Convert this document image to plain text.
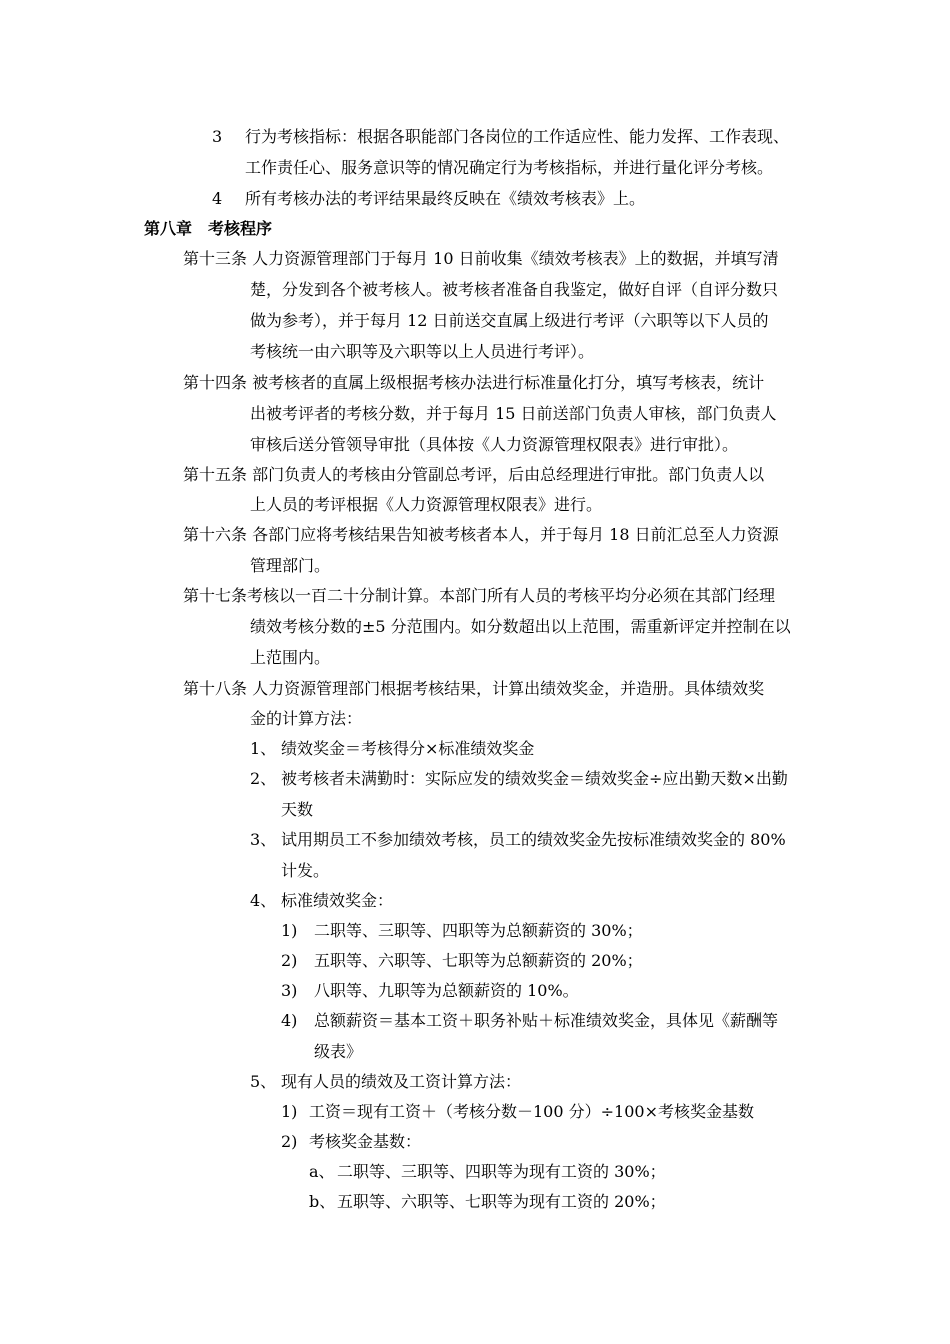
3 行为考核指标：根据各职能部门各岗位的工作适应性、能力发挥、工作表现、
工作责任心、服务意识等的情况确定行为考核指标，并进行量化评分考核。
4 所有考核办法的考评结果最终反映在《绩效考核表》上。
第八章　考核程序
第十三条 人力资源管理部门于每月 10 日前收集《绩效考核表》上的数据，并填写清
楚，分发到各个被考核人。被考核者准备自我鉴定，做好自评（自评分数只
做为参考），并于每月 12 日前送交直属上级进行考评（六职等以下人员的
考核统一由六职等及六职等以上人员进行考评）。
第十四条 被考核者的直属上级根据考核办法进行标准量化打分，填写考核表，统计
出被考评者的考核分数，并于每月 15 日前送部门负责人审核，部门负责人
审核后送分管领导审批（具体按《人力资源管理权限表》进行审批）。
第十五条 部门负责人的考核由分管副总考评，后由总经理进行审批。部门负责人以
上人员的考评根据《人力资源管理权限表》进行。
第十六条 各部门应将考核结果告知被考核者本人，并于每月 18 日前汇总至人力资源
管理部门。
第十七条考核以一百二十分制计算。本部门所有人员的考核平均分必须在其部门经理
绩效考核分数的±5 分范围内。如分数超出以上范围，需重新评定并控制在以
上范围内。
第十八条 人力资源管理部门根据考核结果，计算出绩效奖金，并造册。具体绩效奖
金的计算方法：
1、 绩效奖金＝考核得分×标准绩效奖金
2、 被考核者未满勤时：实际应发的绩效奖金＝绩效奖金÷应出勤天数×出勤
天数
3、 试用期员工不参加绩效考核，员工的绩效奖金先按标准绩效奖金的 80%
计发。
4、 标准绩效奖金：
1) 二职等、三职等、四职等为总额薪资的 30%；
2) 五职等、六职等、七职等为总额薪资的 20%；
3) 八职等、九职等为总额薪资的 10%。
4) 总额薪资＝基本工资＋职务补贴＋标准绩效奖金，具体见《薪酬等
级表》
5、 现有人员的绩效及工资计算方法：
1) 工资＝现有工资＋（考核分数－100 分）÷100×考核奖金基数
2) 考核奖金基数：
a、 二职等、三职等、四职等为现有工资的 30%；
b、 五职等、六职等、七职等为现有工资的 20%；
